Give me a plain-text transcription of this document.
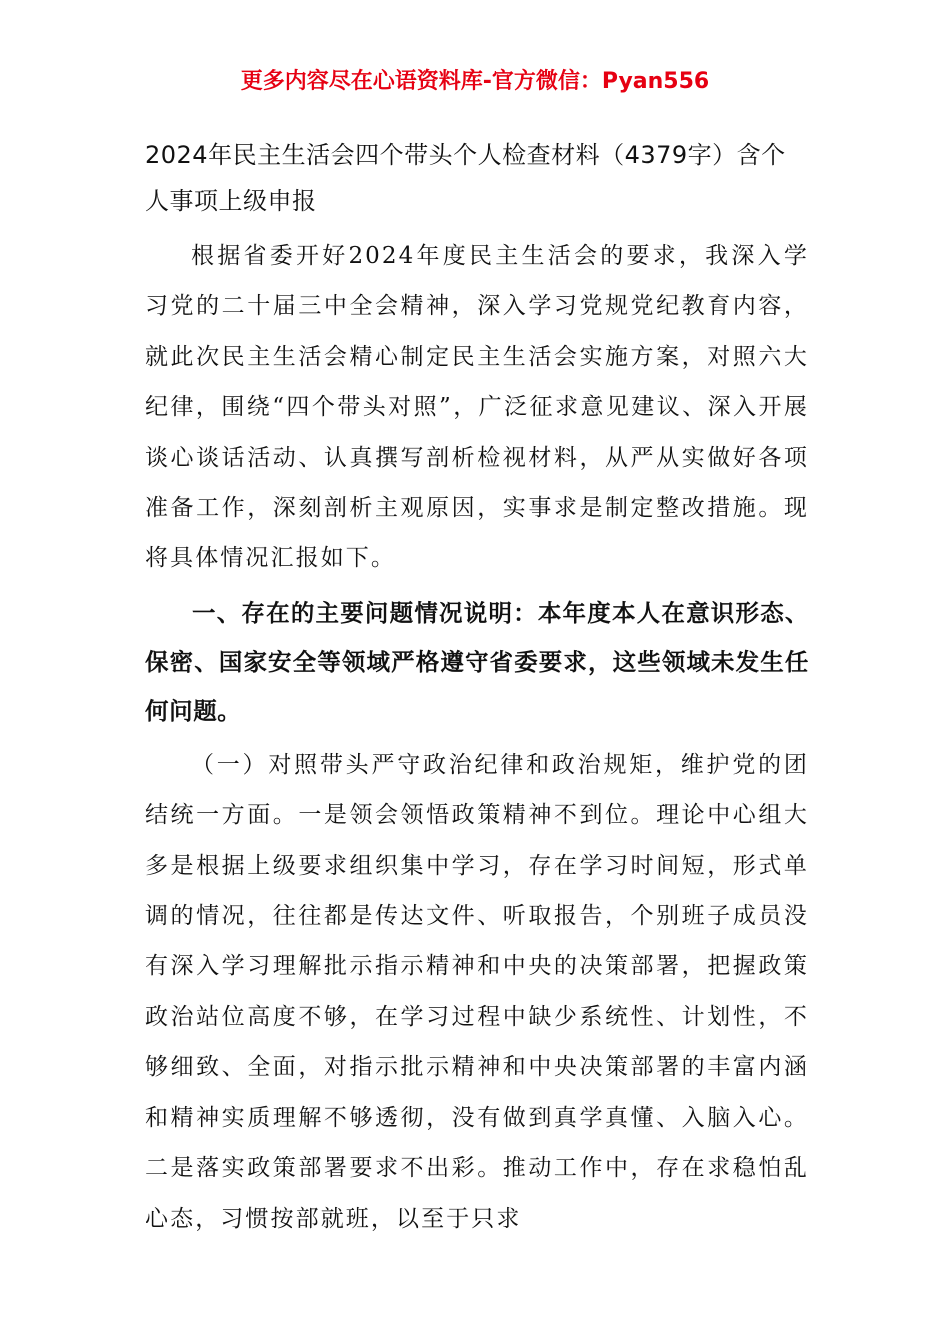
更多内容尽在心语资料库-官方微信：Pyan556
2024年民主生活会四个带头个人检查材料（4379字）含个人事项上级申报

根据省委开好2024年度民主生活会的要求，我深入学习党的二十届三中全会精神，深入学习党规党纪教育内容，就此次民主生活会精心制定民主生活会实施方案，对照六大纪律，围绕“四个带头对照”，广泛征求意见建议、深入开展谈心谈话活动、认真撰写剖析检视材料，从严从实做好各项准备工作，深刻剖析主观原因，实事求是制定整改措施。现将具体情况汇报如下。

一、存在的主要问题情况说明：本年度本人在意识形态、保密、国家安全等领域严格遵守省委要求，这些领域未发生任何问题。

（一）对照带头严守政治纪律和政治规矩，维护党的团结统一方面。一是领会领悟政策精神不到位。理论中心组大多是根据上级要求组织集中学习，存在学习时间短，形式单调的情况，往往都是传达文件、听取报告，个别班子成员没有深入学习理解批示指示精神和中央的决策部署，把握政策政治站位高度不够，在学习过程中缺少系统性、计划性，不够细致、全面，对指示批示精神和中央决策部署的丰富内涵和精神实质理解不够透彻，没有做到真学真懂、入脑入心。二是落实政策部署要求不出彩。推动工作中，存在求稳怕乱心态，习惯按部就班，以至于只求
